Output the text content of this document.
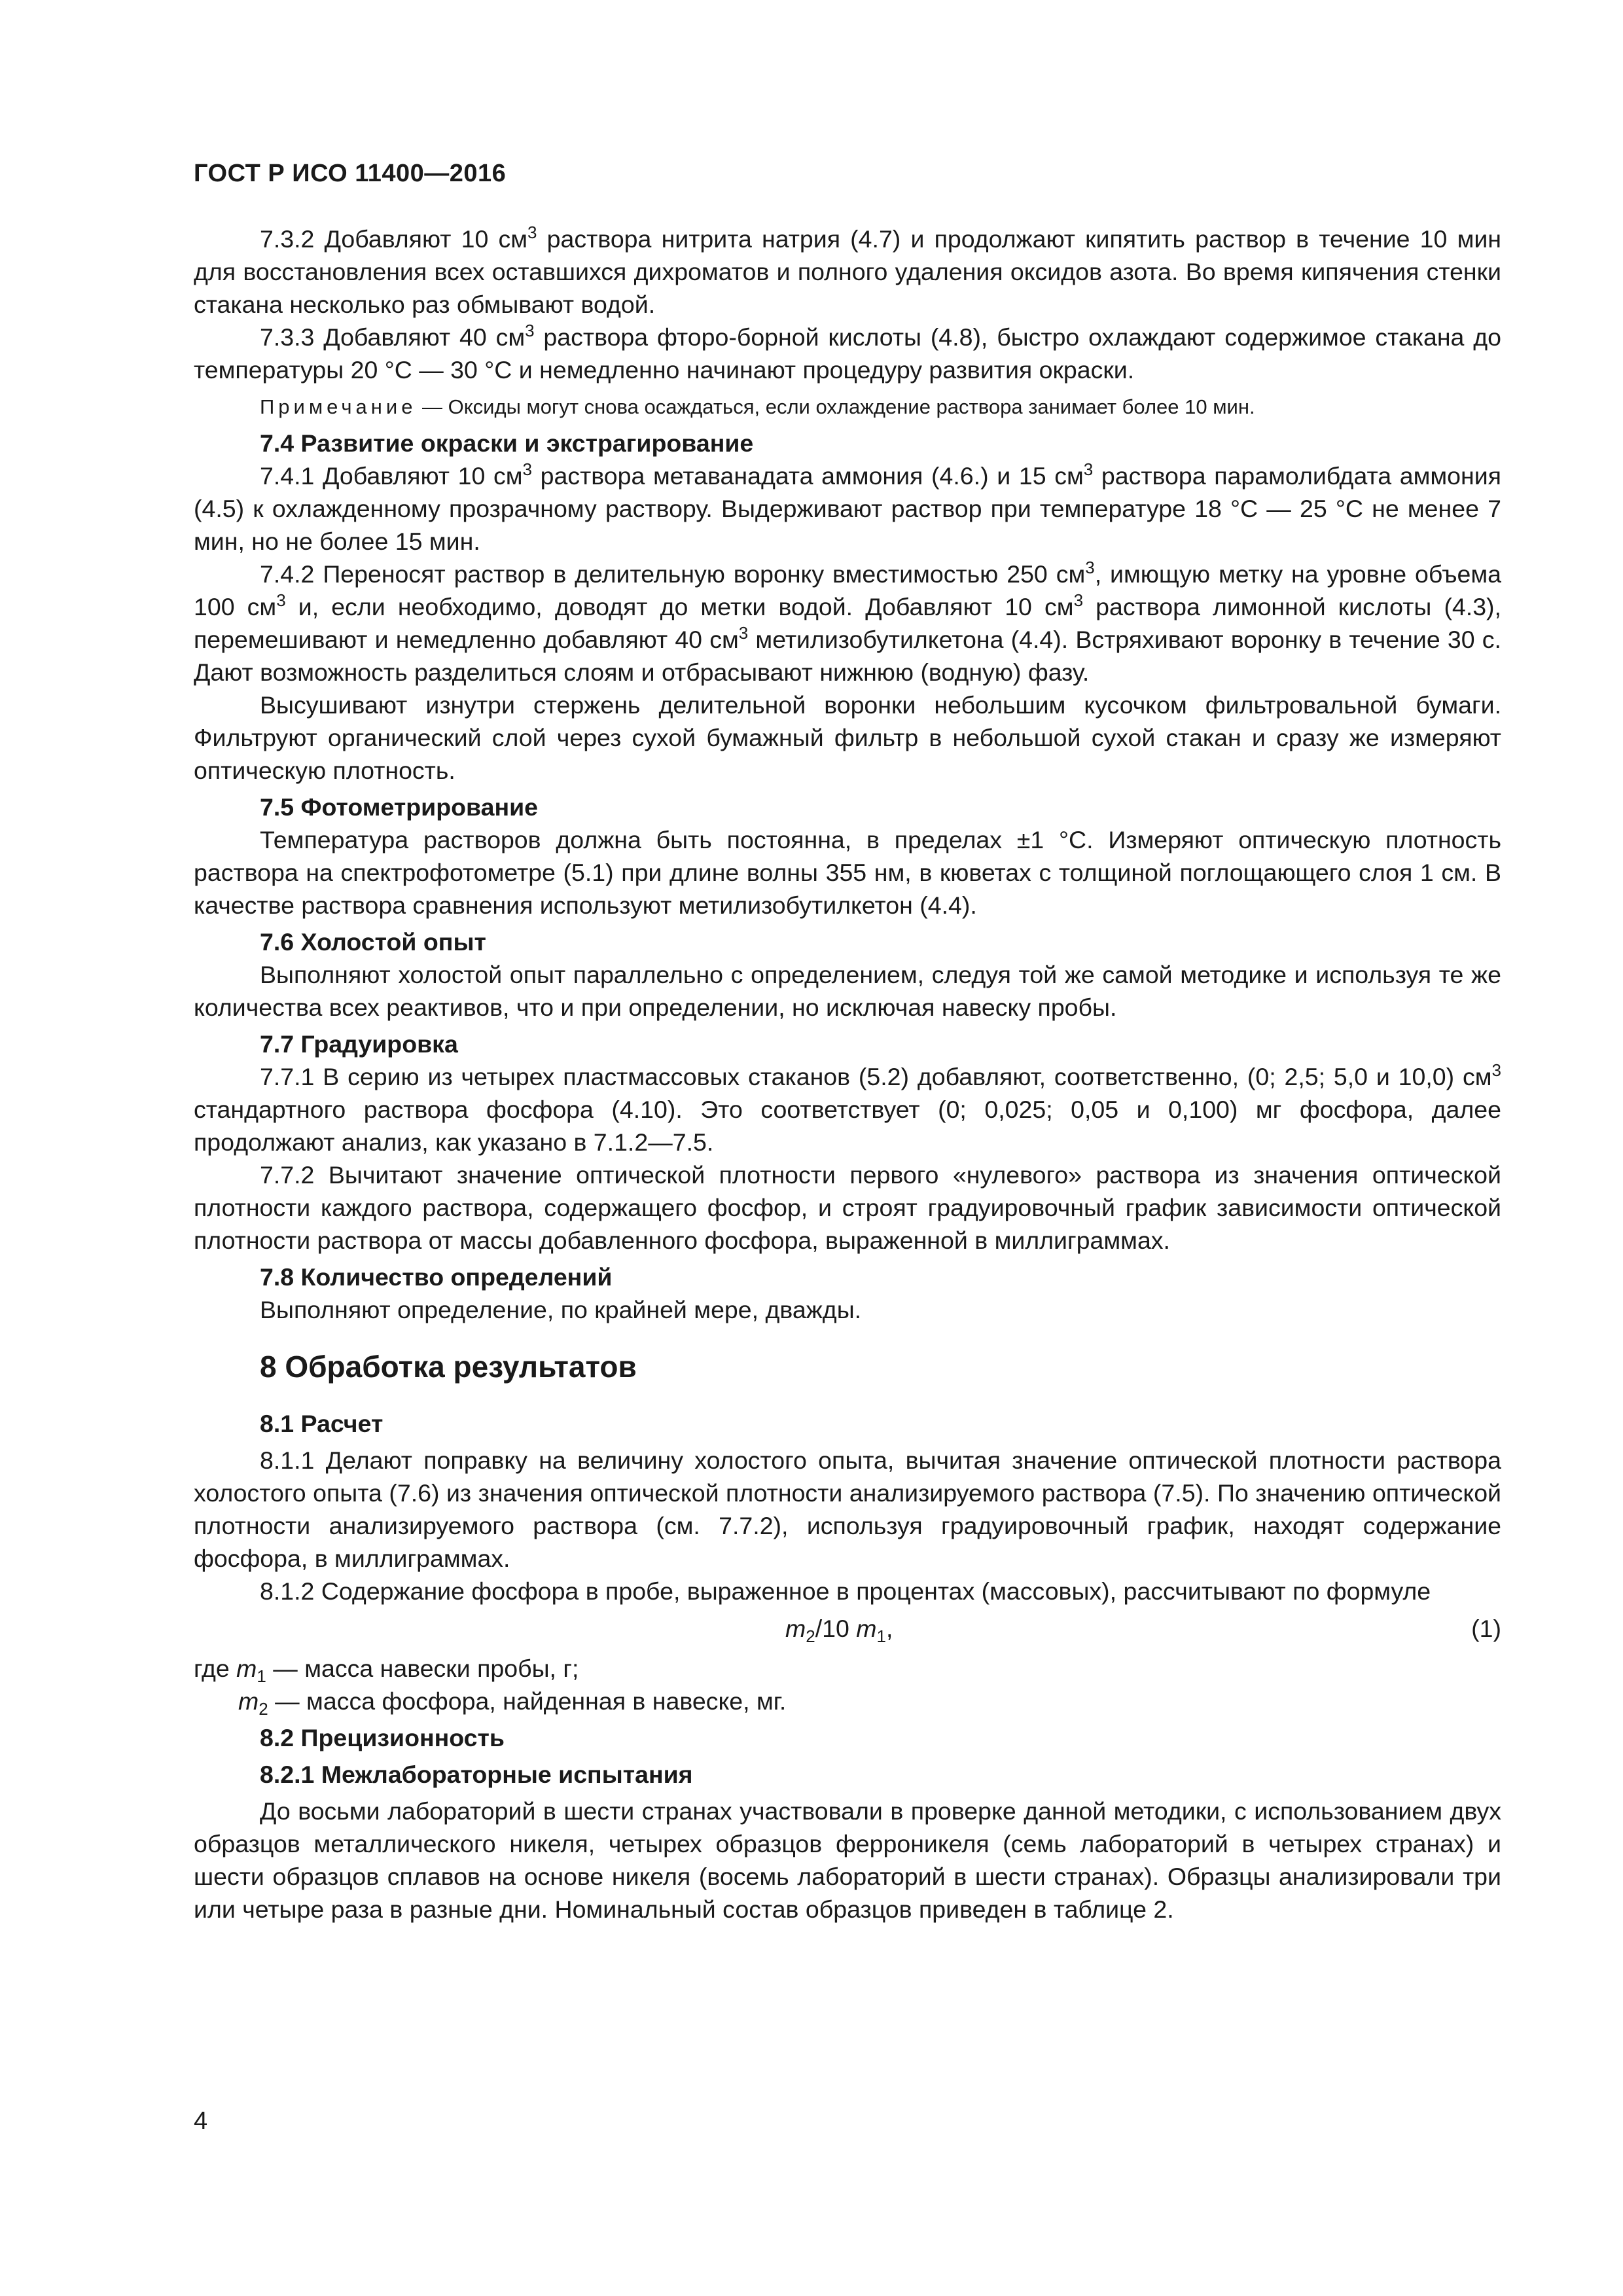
ГОСТ Р ИСО 11400—2016

7.3.2 Добавляют 10 $см^3$ раствора нитрита натрия (4.7) и продолжают кипятить раствор в течение 10 мин для восстановления всех оставшихся дихроматов и полного удаления оксидов азота. Во время кипячения стенки стакана несколько раз обмывают водой.

7.3.3 Добавляют 40 $см^3$ раствора фторо-борной кислоты (4.8), быстро охлаждают содержимое стакана до температуры 20 °С — 30 °С и немедленно начинают процедуру развития окраски.

Примечание — Оксиды могут снова осаждаться, если охлаждение раствора занимает более 10 мин.

7.4 Развитие окраски и экстрагирование

7.4.1 Добавляют 10 $см^3$ раствора метаванадата аммония (4.6.) и 15 $см^3$ раствора парамолибдата аммония (4.5) к охлажденному прозрачному раствору. Выдерживают раствор при температуре 18 °С — 25 °С не менее 7 мин, но не более 15 мин.

7.4.2 Переносят раствор в делительную воронку вместимостью 250 $см^3$, имющую метку на уровне объема 100 $см^3$ и, если необходимо, доводят до метки водой. Добавляют 10 $см^3$ раствора лимонной кислоты (4.3), перемешивают и немедленно добавляют 40 $см^3$ метилизобутилкетона (4.4). Встряхивают воронку в течение 30 с. Дают возможность разделиться слоям и отбрасывают нижнюю (водную) фазу.

Высушивают изнутри стержень делительной воронки небольшим кусочком фильтровальной бумаги. Фильтруют органический слой через сухой бумажный фильтр в небольшой сухой стакан и сразу же измеряют оптическую плотность.

7.5 Фотометрирование

Температура растворов должна быть постоянна, в пределах ±1 °С. Измеряют оптическую плотность раствора на спектрофотометре (5.1) при длине волны 355 нм, в кюветах с толщиной поглощающего слоя 1 см. В качестве раствора сравнения используют метилизобутилкетон (4.4).

7.6 Холостой опыт

Выполняют холостой опыт параллельно с определением, следуя той же самой методике и используя те же количества всех реактивов, что и при определении, но исключая навеску пробы.

7.7 Градуировка

7.7.1 В серию из четырех пластмассовых стаканов (5.2) добавляют, соответственно, (0; 2,5; 5,0 и 10,0) $см^3$ стандартного раствора фосфора (4.10). Это соответствует (0; 0,025; 0,05 и 0,100) мг фосфора, далее продолжают анализ, как указано в 7.1.2—7.5.

7.7.2 Вычитают значение оптической плотности первого «нулевого» раствора из значения оптической плотности каждого раствора, содержащего фосфор, и строят градуировочный график зависимости оптической плотности раствора от массы добавленного фосфора, выраженной в миллиграммах.

7.8 Количество определений

Выполняют определение, по крайней мере, дважды.

8 Обработка результатов
8.1 Расчет

8.1.1 Делают поправку на величину холостого опыта, вычитая значение оптической плотности раствора холостого опыта (7.6) из значения оптической плотности анализируемого раствора (7.5). По значению оптической плотности анализируемого раствора (см. 7.7.2), используя градуировочный график, находят содержание фосфора, в миллиграммах.

8.1.2 Содержание фосфора в пробе, выраженное в процентах (массовых), рассчитывают по формуле

$m_2/10$ $m_1$,	(1)

где $m_1$ — масса навески пробы, г;

$m_2$ — масса фосфора, найденная в навеске, мг.

8.2 Прецизионность
8.2.1 Межлабораторные испытания

До восьми лабораторий в шести странах участвовали в проверке данной методики, с использованием двух образцов металлического никеля, четырех образцов ферроникеля (семь лабораторий в четырех странах) и шести образцов сплавов на основе никеля (восемь лабораторий в шести странах). Образцы анализировали три или четыре раза в разные дни. Номинальный состав образцов приведен в таблице 2.

4
